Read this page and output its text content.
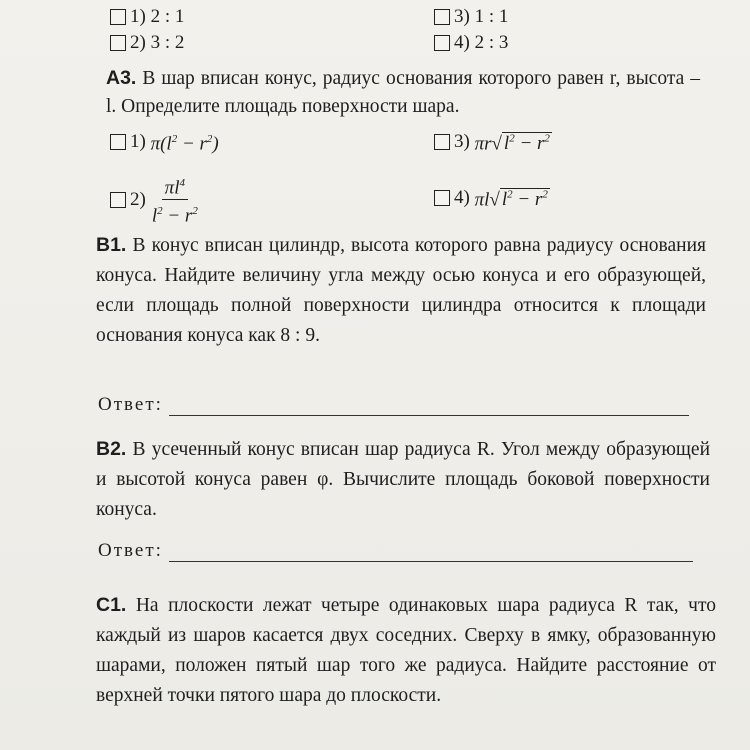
1) 2 : 1	3) 1 : 1
2) 3 : 2	4) 2 : 3
А3. В шар вписан конус, радиус основания которого равен r, высота – l. Определите площадь поверхности шара.
1) $\pi(l^2 - r^2)$	3) πr√ $l^2 - r^2$
$2) \frac{\pi l^4}{l^2 - r^2}$	4) πl√ $l^2 - r^2$
В1. В конус вписан цилиндр, высота которого равна радиусу основания конуса. Найдите величину угла между осью конуса и его образующей, если площадь полной поверхности цилиндра относится к площади основания конуса как 8 : 9.
Ответ:
В2. В усеченный конус вписан шар радиуса R. Угол между образующей и высотой конуса равен φ. Вычислите площадь боковой поверхности конуса.
Ответ:
С1. На плоскости лежат четыре одинаковых шара радиуса R так, что каждый из шаров касается двух соседних. Сверху в ямку, образованную шарами, положен пятый шар того же радиуса. Найдите расстояние от верхней точки пятого шара до плоскости.
